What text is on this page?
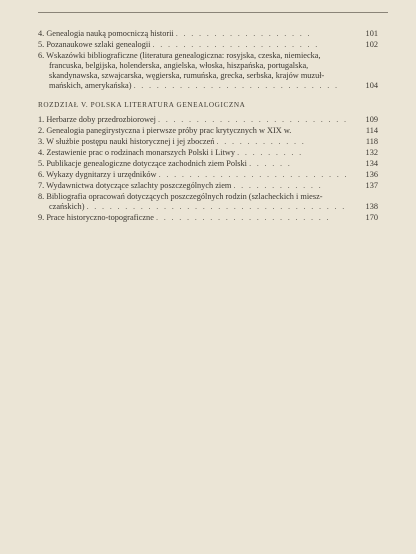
4. Genealogia nauką pomocniczą historii . . . . . . . . . . . . . . . . . .	101
5. Pozanaukowe szlaki genealogii . . . . . . . . . . . . . . . . . . . . . .	102
6. Wskazówki bibliograficzne (literatura genealogiczna: rosyjska, czeska, niemiecka,
francuska, belgijska, holenderska, angielska, włoska, hiszpańska, portugalska,
skandynawska, szwajcarska, węgierska, rumuńska, grecka, serbska, krajów muzuł-
mańskich, amerykańska) . . . . . . . . . . . . . . . . . . . . . . . . . . .	104
ROZDZIAŁ V. POLSKA LITERATURA GENEALOGICZNA
1. Herbarze doby przedrozbiorowej . . . . . . . . . . . . . . . . . . . . . . . . .	109
2. Genealogia panegirystyczna i pierwsze próby prac krytycznych w XIX w.	114
3. W służbie postępu nauki historycznej i jej zboczeń . . . . . . . . . . . .	118
4. Zestawienie prac o rodzinach monarszych Polski i Litwy . . . . . . . . .	132
5. Publikacje genealogiczne dotyczące zachodnich ziem Polski . . . . . .	134
6. Wykazy dygnitarzy i urzędników . . . . . . . . . . . . . . . . . . . . . . . . .	136
7. Wydawnictwa dotyczące szlachty poszczególnych ziem . . . . . . . . . . . .	137
8. Bibliografia opracowań dotyczących poszczególnych rodzin (szlacheckich i miesz-
czańskich) . . . . . . . . . . . . . . . . . . . . . . . . . . . . . . . . . .	138
9. Prace historyczno-topograficzne . . . . . . . . . . . . . . . . . . . . . . .	170
